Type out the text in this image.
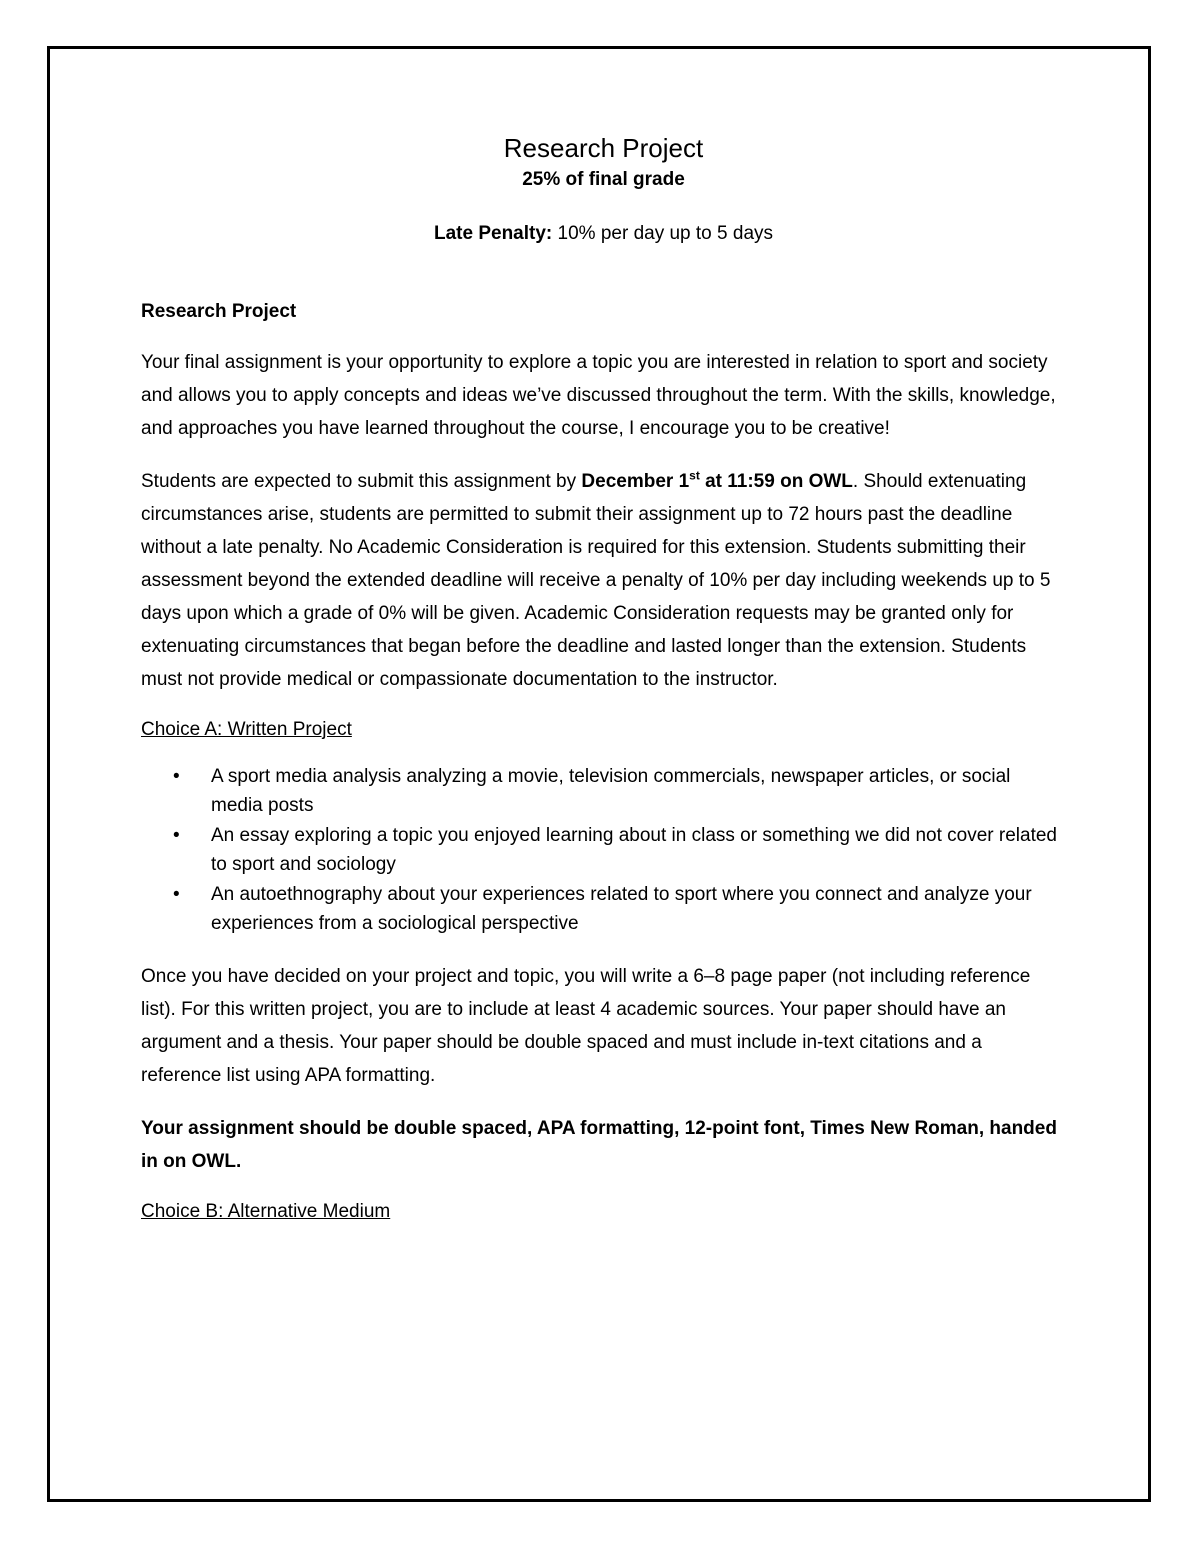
Research Project
25% of final grade
Late Penalty: 10% per day up to 5 days
Research Project

Your final assignment is your opportunity to explore a topic you are interested in relation to sport and society and allows you to apply concepts and ideas we’ve discussed throughout the term. With the skills, knowledge, and approaches you have learned throughout the course, I encourage you to be creative!

Students are expected to submit this assignment by December 1st at 11:59 on OWL. Should extenuating circumstances arise, students are permitted to submit their assignment up to 72 hours past the deadline without a late penalty. No Academic Consideration is required for this extension. Students submitting their assessment beyond the extended deadline will receive a penalty of 10% per day including weekends up to 5 days upon which a grade of 0% will be given. Academic Consideration requests may be granted only for extenuating circumstances that began before the deadline and lasted longer than the extension. Students must not provide medical or compassionate documentation to the instructor.

Choice A: Written Project
• A sport media analysis analyzing a movie, television commercials, newspaper articles, or social media posts
• An essay exploring a topic you enjoyed learning about in class or something we did not cover related to sport and sociology
• An autoethnography about your experiences related to sport where you connect and analyze your experiences from a sociological perspective

Once you have decided on your project and topic, you will write a 6–8 page paper (not including reference list). For this written project, you are to include at least 4 academic sources. Your paper should have an argument and a thesis. Your paper should be double spaced and must include in-text citations and a reference list using APA formatting.

Your assignment should be double spaced, APA formatting, 12-point font, Times New Roman, handed in on OWL.

Choice B: Alternative Medium
